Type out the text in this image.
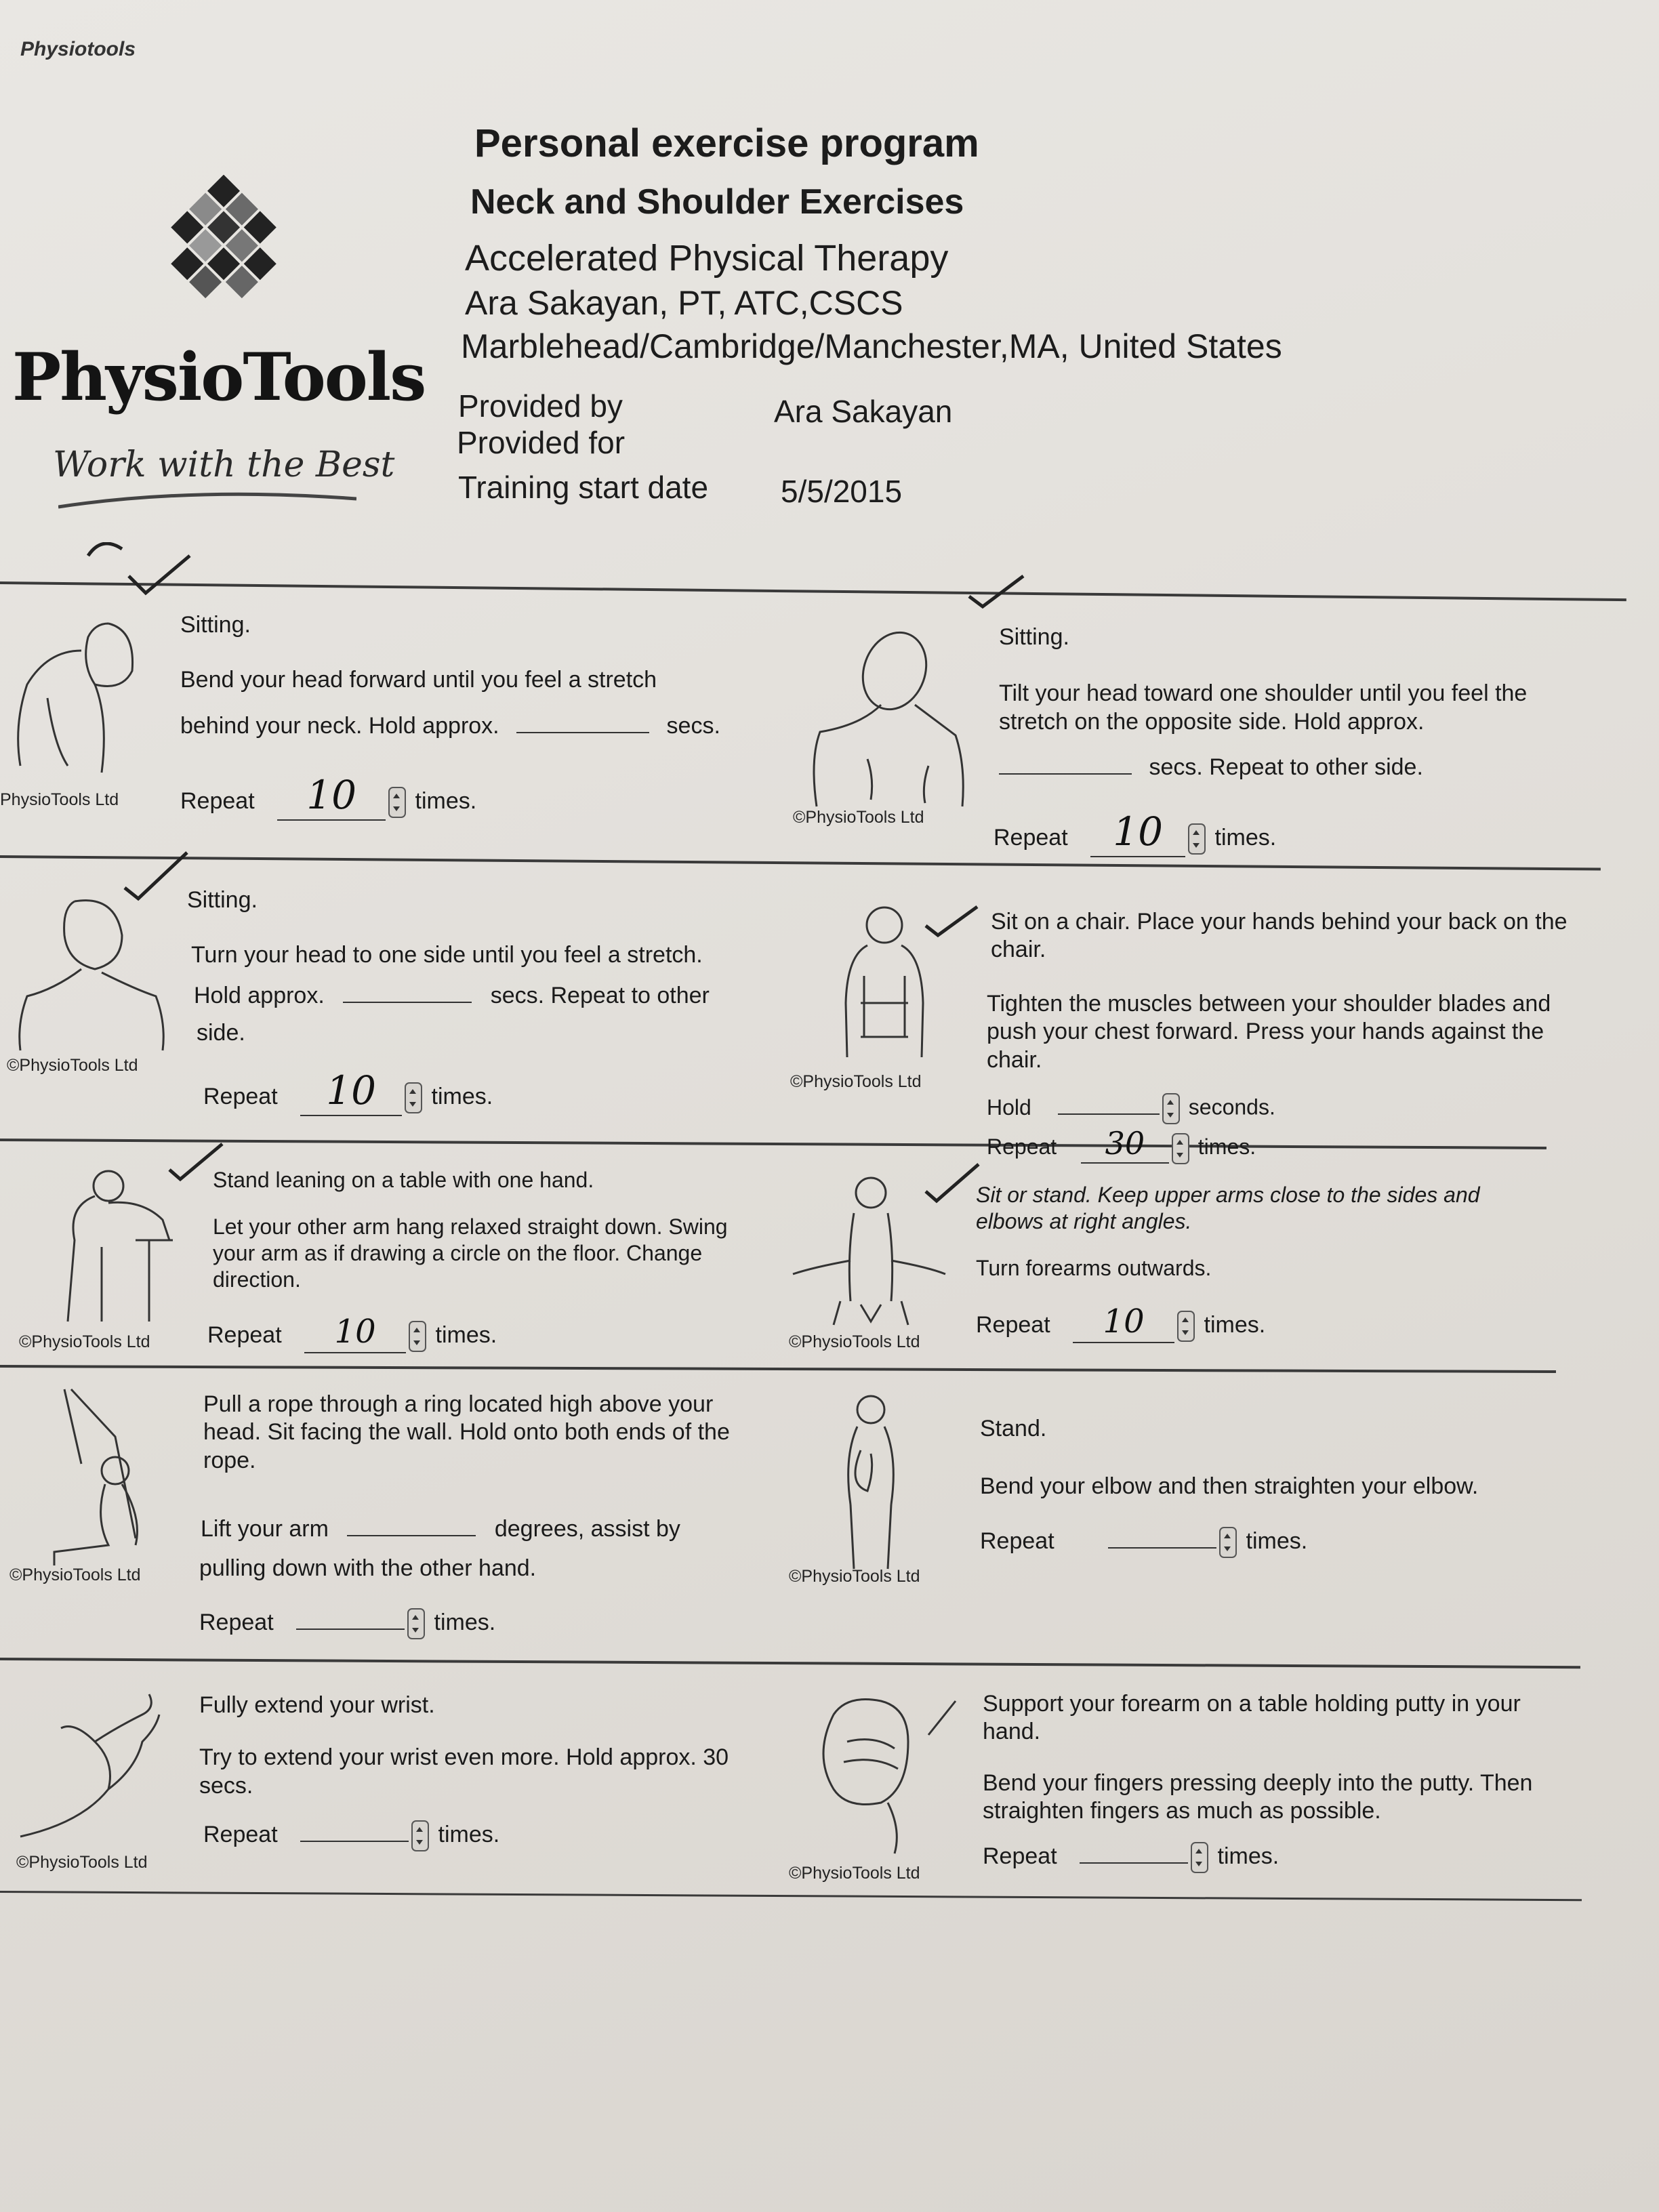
Physiotools
PhysioTools
Work with the Best
Personal exercise program
Neck and Shoulder Exercises
Accelerated Physical Therapy
Ara Sakayan, PT, ATC,CSCS
Marblehead/Cambridge/Manchester,MA, United States
Provided by	Ara Sakayan
Provided for
Training start date 5/5/2015
PhysioTools Ltd
©PhysioTools Ltd
©PhysioTools Ltd
©PhysioTools Ltd
©PhysioTools Ltd	©PhysioTools Ltd
©PhysioTools Ltd	©PhysioTools Ltd
©PhysioTools Ltd
©PhysioTools Ltd

Sitting.

Bend your head forward until you feel a stretch
behind your neck. Hold approx.	secs.
Repeat 10	times.

Sitting.

Tilt your head toward one shoulder until you feel the stretch on the opposite side. Hold approx.
secs. Repeat to other side.
Repeat 10 times.

Sitting.

Turn your head to one side until you feel a stretch.
Hold approx.	secs. Repeat to other
side.
Repeat 10 times.
Sit on a chair. Place your hands behind your back on the chair.
Tighten the muscles between your shoulder blades and push your chest forward. Press your hands against the chair.
Hold	seconds.
Repeat 30 times.
Stand leaning on a table with one hand.
Let your other arm hang relaxed straight down. Swing your arm as if drawing a circle on the floor. Change direction.
Repeat 10	times.
Sit or stand. Keep upper arms close to the sides and elbows at right angles.
Turn forearms outwards.
Repeat 10	times.
Pull a rope through a ring located high above your head. Sit facing the wall. Hold onto both ends of the rope.
Lift your arm	degrees, assist by
pulling down with the other hand.
Repeat	times.
Stand.
Bend your elbow and then straighten your elbow.
Repeat	times.
Fully extend your wrist.
Try to extend your wrist even more. Hold approx. 30 secs.
Repeat	times.
Support your forearm on a table holding putty in your hand.
Bend your fingers pressing deeply into the putty. Then straighten fingers as much as possible.
Repeat	times.
